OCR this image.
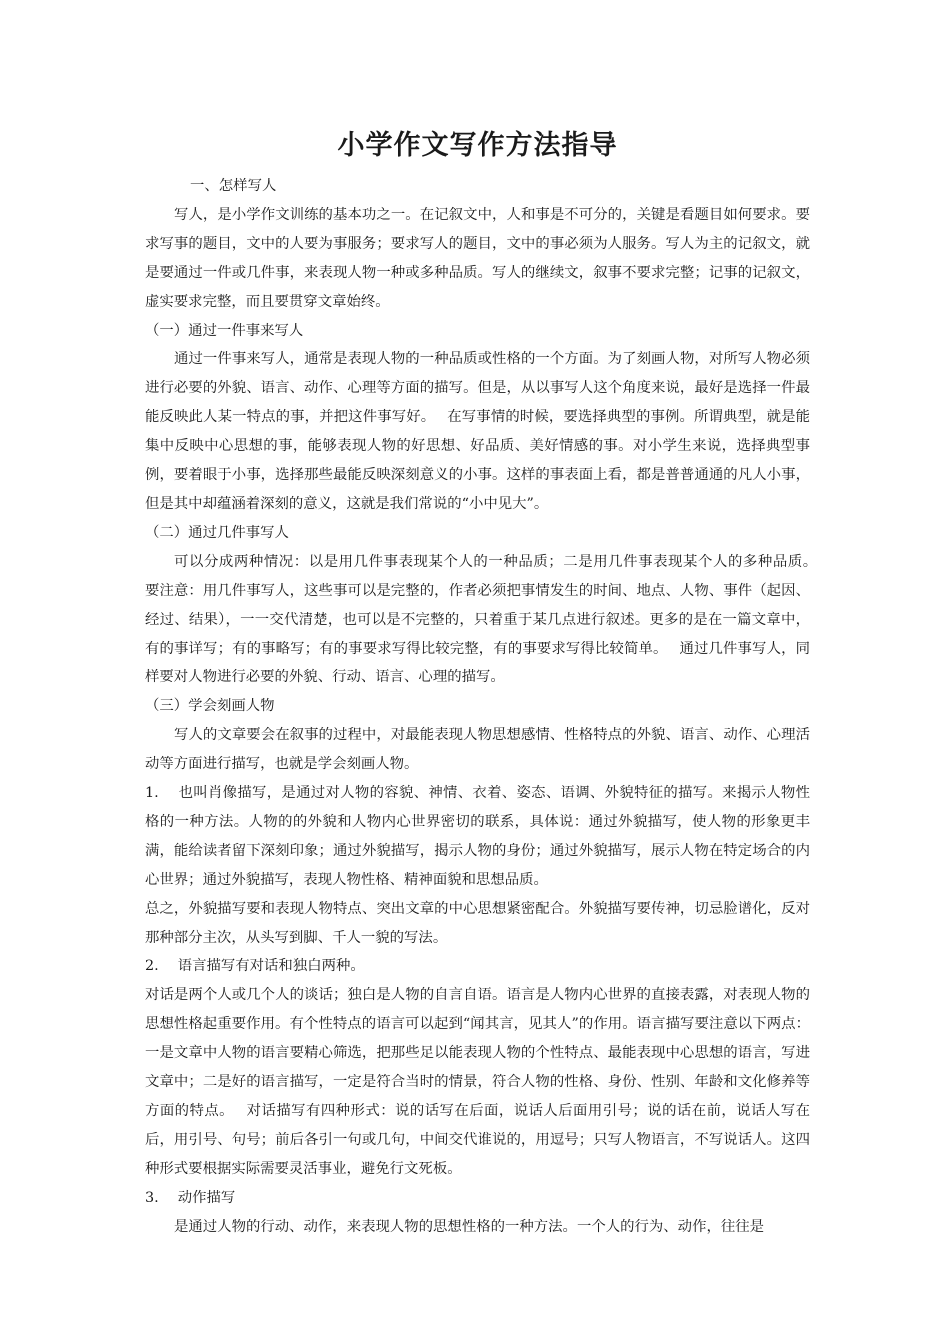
小学作文写作方法指导

一、怎样写人

写人，是小学作文训练的基本功之一。在记叙文中，人和事是不可分的，关键是看题目如何要求。要求写事的题目，文中的人要为事服务；要求写人的题目，文中的事必须为人服务。写人为主的记叙文，就是要通过一件或几件事，来表现人物一种或多种品质。写人的继续文，叙事不要求完整；记事的记叙文，虚实要求完整，而且要贯穿文章始终。

（一）通过一件事来写人

通过一件事来写人，通常是表现人物的一种品质或性格的一个方面。为了刻画人物，对所写人物必须进行必要的外貌、语言、动作、心理等方面的描写。但是，从以事写人这个角度来说，最好是选择一件最能反映此人某一特点的事，并把这件事写好。　 在写事情的时候，要选择典型的事例。所谓典型，就是能集中反映中心思想的事，能够表现人物的好思想、好品质、美好情感的事。对小学生来说，选择典型事例，要着眼于小事，选择那些最能反映深刻意义的小事。这样的事表面上看，都是普普通通的凡人小事，但是其中却蕴涵着深刻的意义，这就是我们常说的“小中见大”。

（二）通过几件事写人

可以分成两种情况：以是用几件事表现某个人的一种品质；二是用几件事表现某个人的多种品质。　 要注意：用几件事写人，这些事可以是完整的，作者必须把事情发生的时间、地点、人物、事件（起因、经过、结果），一一交代清楚，也可以是不完整的，只着重于某几点进行叙述。更多的是在一篇文章中，有的事详写；有的事略写；有的事要求写得比较完整，有的事要求写得比较简单。　 通过几件事写人，同样要对人物进行必要的外貌、行动、语言、心理的描写。

（三）学会刻画人物

写人的文章要会在叙事的过程中，对最能表现人物思想感情、性格特点的外貌、语言、动作、心理活动等方面进行描写，也就是学会刻画人物。

1.　 也叫肖像描写，是通过对人物的容貌、神情、衣着、姿态、语调、外貌特征的描写。来揭示人物性格的一种方法。人物的的外貌和人物内心世界密切的联系，具体说：通过外貌描写，使人物的形象更丰满，能给读者留下深刻印象；通过外貌描写，揭示人物的身份；通过外貌描写，展示人物在特定场合的内心世界；通过外貌描写，表现人物性格、精神面貌和思想品质。

总之，外貌描写要和表现人物特点、突出文章的中心思想紧密配合。外貌描写要传神，切忌脸谱化，反对那种部分主次，从头写到脚、千人一貌的写法。

2.　 语言描写有对话和独白两种。

对话是两个人或几个人的谈话；独白是人物的自言自语。语言是人物内心世界的直接表露，对表现人物的思想性格起重要作用。有个性特点的语言可以起到“闻其言，见其人”的作用。语言描写要注意以下两点：一是文章中人物的语言要精心筛选，把那些足以能表现人物的个性特点、最能表现中心思想的语言，写进文章中；二是好的语言描写，一定是符合当时的情景，符合人物的性格、身份、性别、年龄和文化修养等方面的特点。　 对话描写有四种形式：说的话写在后面，说话人后面用引号；说的话在前，说话人写在后，用引号、句号；前后各引一句或几句，中间交代谁说的，用逗号；只写人物语言，不写说话人。这四种形式要根据实际需要灵活事业，避免行文死板。

3.　 动作描写

是通过人物的行动、动作，来表现人物的思想性格的一种方法。一个人的行为、动作，往往是
